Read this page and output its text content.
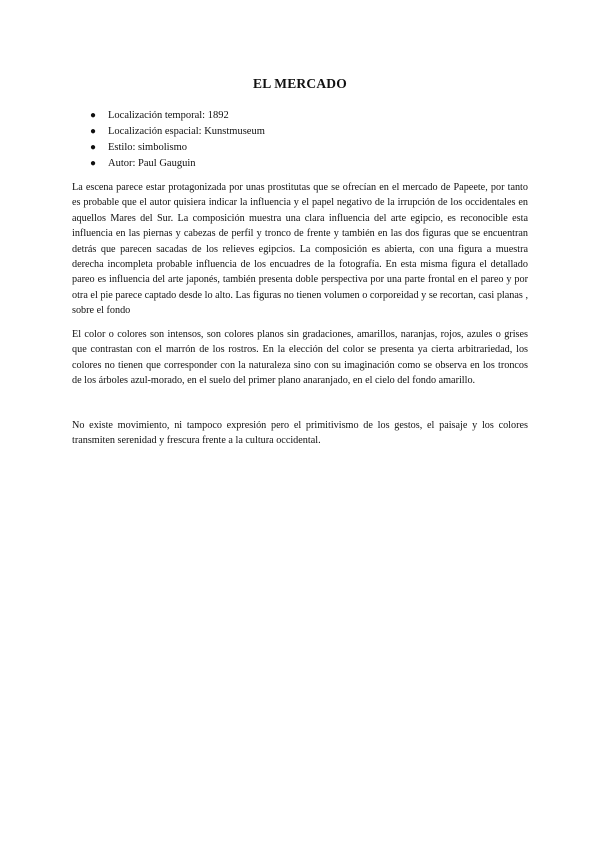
EL MERCADO
● Localización temporal: 1892
● Localización espacial: Kunstmuseum
● Estilo: simbolismo
● Autor: Paul Gauguin

La escena parece estar protagonizada por unas prostitutas que se ofrecían en el mercado de Papeete, por tanto es probable que el autor quisiera indicar la influencia y el papel negativo de la irrupción de los occidentales en aquellos Mares del Sur. La composición muestra una clara influencia del arte egipcio, es reconocible esta influencia en las piernas y cabezas de perfil y tronco de frente y también en las dos figuras que se encuentran detrás que parecen sacadas de los relieves egipcios. La composición es abierta, con una figura a muestra derecha incompleta probable influencia de los encuadres de la fotografía. En esta misma figura el detallado pareo es influencia del arte japonés, también presenta doble perspectiva por una parte frontal en el pareo y por otra el pie parece captado desde lo alto. Las figuras no tienen volumen o corporeidad y se recortan, casi planas , sobre el fondo

El color o colores son intensos, son colores planos sin gradaciones, amarillos, naranjas, rojos, azules o grises que contrastan con el marrón de los rostros. En la elección del color se presenta ya cierta arbitrariedad, los colores no tienen que corresponder con la naturaleza sino con su imaginación como se observa en los troncos de los árboles azul-morado, en el suelo del primer plano anaranjado, en el cielo del fondo amarillo.

No existe movimiento, ni tampoco expresión pero el primitivismo de los gestos, el paisaje y los colores transmiten serenidad y frescura frente a la cultura occidental.
